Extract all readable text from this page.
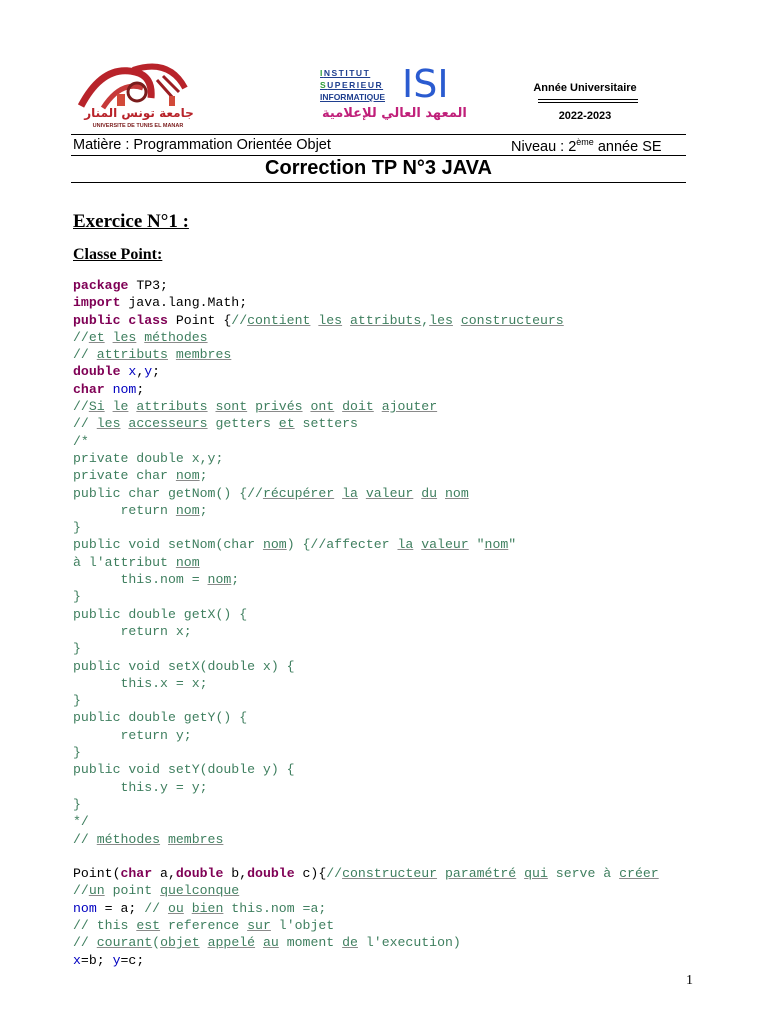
جامعة تونس المنار
UNIVERSITE DE TUNIS EL MANAR
INSTITUT
SUPERIEUR
INFORMATIQUE ISI
المعهد العالي للإعلامية
Année Universitaire
2022-2023
Matière : Programmation Orientée Objet	Niveau : 2ème année SE
Correction TP N°3 JAVA
Exercice N°1 :
Classe Point:
package TP3;
import java.lang.Math;
public class Point {//contient les attributs,les constructeurs
//et les méthodes
// attributs membres
double x,y;
char nom;
//Si le attributs sont privés ont doit ajouter
// les accesseurs getters et setters
/*
private double x,y;
private char nom;
public char getNom() {//récupérer la valeur du nom
return nom;
}
public void setNom(char nom) {//affecter la valeur "nom"
à l'attribut nom
this.nom = nom;
}
public double getX() {
return x;
}
public void setX(double x) {
this.x = x;
}
public double getY() {
return y;
}
public void setY(double y) {
this.y = y;
}
*/
// méthodes membres
Point(char a,double b,double c){//constructeur paramétré qui serve à créer
//un point quelconque
nom = a; // ou bien this.nom =a;
// this est reference sur l'objet
// courant(objet appelé au moment de l'execution)
x=b; y=c;
1
